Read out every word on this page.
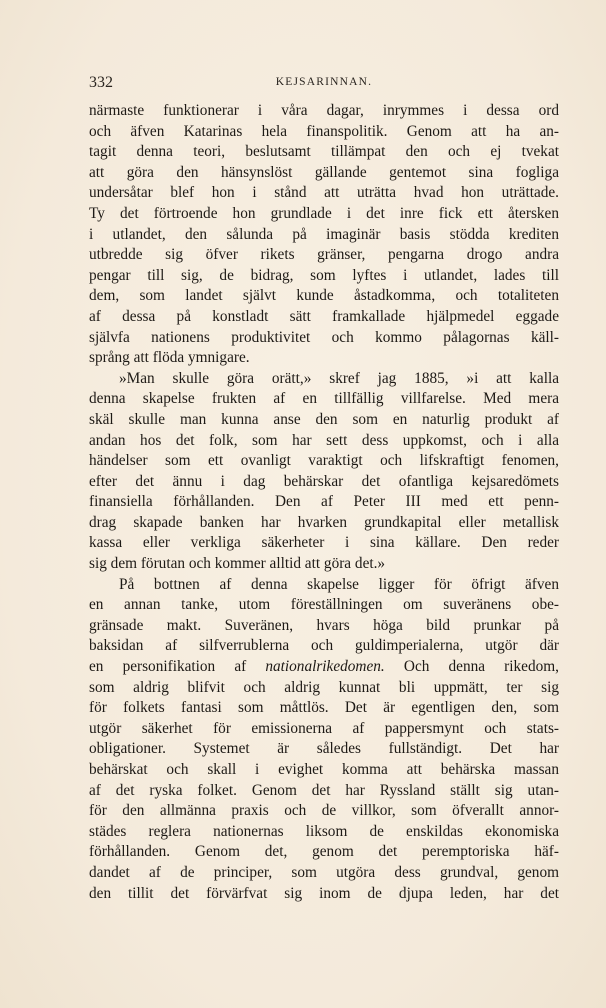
332	KEJSARINNAN.
närmaste funktionerar i våra dagar, inrymmes i dessa ord
och äfven Katarinas hela finanspolitik. Genom att ha an-
tagit denna teori, beslutsamt tillämpat den och ej tvekat
att göra den hänsynslöst gällande gentemot sina fogliga
undersåtar blef hon i stånd att uträtta hvad hon uträttade.
Ty det förtroende hon grundlade i det inre fick ett återsken
i utlandet, den sålunda på imaginär basis stödda krediten
utbredde sig öfver rikets gränser, pengarna drogo andra
pengar till sig, de bidrag, som lyftes i utlandet, lades till
dem, som landet självt kunde åstadkomma, och totaliteten
af dessa på konstladt sätt framkallade hjälpmedel eggade
självfa nationens produktivitet och kommo pålagornas käll-
språng att flöda ymnigare.
»Man skulle göra orätt,» skref jag 1885, »i att kalla
denna skapelse frukten af en tillfällig villfarelse. Med mera
skäl skulle man kunna anse den som en naturlig produkt af
andan hos det folk, som har sett dess uppkomst, och i alla
händelser som ett ovanligt varaktigt och lifskraftigt fenomen,
efter det ännu i dag behärskar det ofantliga kejsaredömets
finansiella förhållanden. Den af Peter III med ett penn-
drag skapade banken har hvarken grundkapital eller metallisk
kassa eller verkliga säkerheter i sina källare. Den reder
sig dem förutan och kommer alltid att göra det.»
På bottnen af denna skapelse ligger för öfrigt äfven
en annan tanke, utom föreställningen om suveränens obe-
gränsade makt. Suveränen, hvars höga bild prunkar på
baksidan af silfverrublerna och guldimperialerna, utgör där
en personifikation af nationalrikedomen. Och denna rikedom,
som aldrig blifvit och aldrig kunnat bli uppmätt, ter sig
för folkets fantasi som måttlös. Det är egentligen den, som
utgör säkerhet för emissionerna af pappersmynt och stats-
obligationer. Systemet är således fullständigt. Det har
behärskat och skall i evighet komma att behärska massan
af det ryska folket. Genom det har Ryssland ställt sig utan-
för den allmänna praxis och de villkor, som öfverallt annor-
städes reglera nationernas liksom de enskildas ekonomiska
förhållanden. Genom det, genom det peremptoriska häf-
dandet af de principer, som utgöra dess grundval, genom
den tillit det förvärfvat sig inom de djupa leden, har det
